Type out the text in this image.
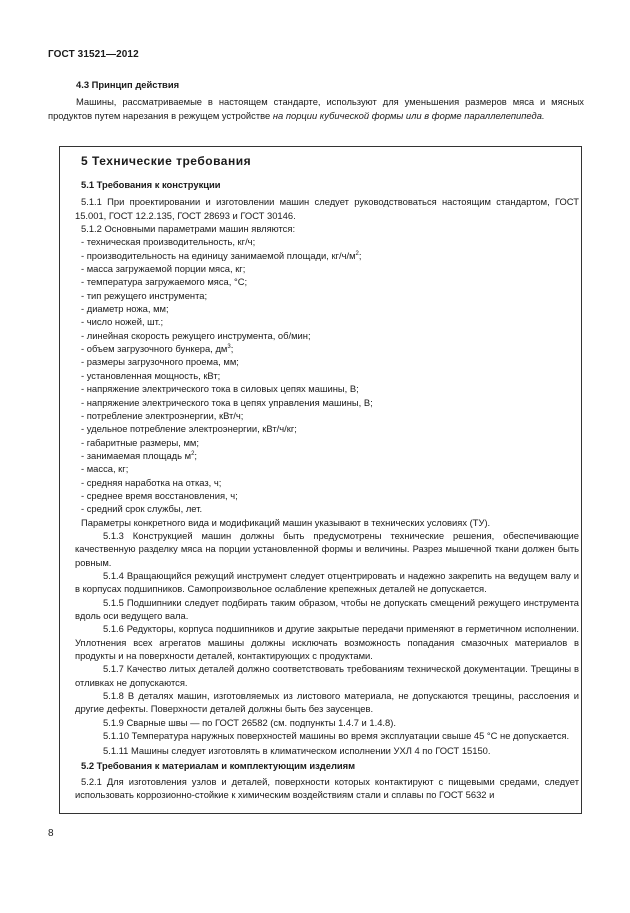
ГОСТ 31521—2012
4.3 Принцип действия
Машины, рассматриваемые в настоящем стандарте, используют для уменьшения размеров мяса и мясных продуктов путем нарезания в режущем устройстве на порции кубической формы или в форме параллелепипеда.
5 Технические требования
5.1 Требования к конструкции
5.1.1 При проектировании и изготовлении машин следует руководствоваться настоящим стандартом, ГОСТ 15.001, ГОСТ 12.2.135, ГОСТ 28693 и ГОСТ 30146.
5.1.2 Основными параметрами машин являются:
- техническая производительность, кг/ч;
- производительность на единицу занимаемой площади, $кг/ч/м^2$;
- масса загружаемой порции мяса, кг;
- температура загружаемого мяса, °С;
- тип режущего инструмента;
- диаметр ножа, мм;
- число ножей, шт.;
- линейная скорость режущего инструмента, об/мин;
- объем загрузочного бункера, $дм^3$;
- размеры загрузочного проема, мм;
- установленная мощность, кВт;
- напряжение электрического тока в силовых цепях машины, В;
- напряжение электрического тока в цепях управления машины, В;
- потребление электроэнергии, кВт/ч;
- удельное потребление электроэнергии, кВт/ч/кг;
- габаритные размеры, мм;
- занимаемая площадь $м^2$;
- масса, кг;
- средняя наработка на отказ, ч;
- среднее время восстановления, ч;
- средний срок службы, лет.
Параметры конкретного вида и модификаций машин указывают в технических условиях (ТУ).
5.1.3 Конструкцией машин должны быть предусмотрены технические решения, обеспечивающие качественную разделку мяса на порции установленной формы и величины. Разрез мышечной ткани должен быть ровным.
5.1.4 Вращающийся режущий инструмент следует отцентрировать и надежно закрепить на ведущем валу и в корпусах подшипников. Самопроизвольное ослабление крепежных деталей не допускается.
5.1.5 Подшипники следует подбирать таким образом, чтобы не допускать смещений режущего инструмента вдоль оси ведущего вала.
5.1.6 Редукторы, корпуса подшипников и другие закрытые передачи применяют в герметичном исполнении. Уплотнения всех агрегатов машины должны исключать возможность попадания смазочных материалов в продукты и на поверхности деталей, контактирующих с продуктами.
5.1.7 Качество литых деталей должно соответствовать требованиям технической документации. Трещины в отливках не допускаются.
5.1.8 В деталях машин, изготовляемых из листового материала, не допускаются трещины, расслоения и другие дефекты. Поверхности деталей должны быть без заусенцев.
5.1.9 Сварные швы — по ГОСТ 26582 (см. подпункты 1.4.7 и 1.4.8).
5.1.10 Температура наружных поверхностей машины во время эксплуатации свыше 45 °С не допускается.
5.1.11 Машины следует изготовлять в климатическом исполнении УХЛ 4 по ГОСТ 15150.
5.2 Требования к материалам и комплектующим изделиям
5.2.1 Для изготовления узлов и деталей, поверхности которых контактируют с пищевыми средами, следует использовать коррозионно-стойкие к химическим воздействиям стали и сплавы по ГОСТ 5632 и
8
